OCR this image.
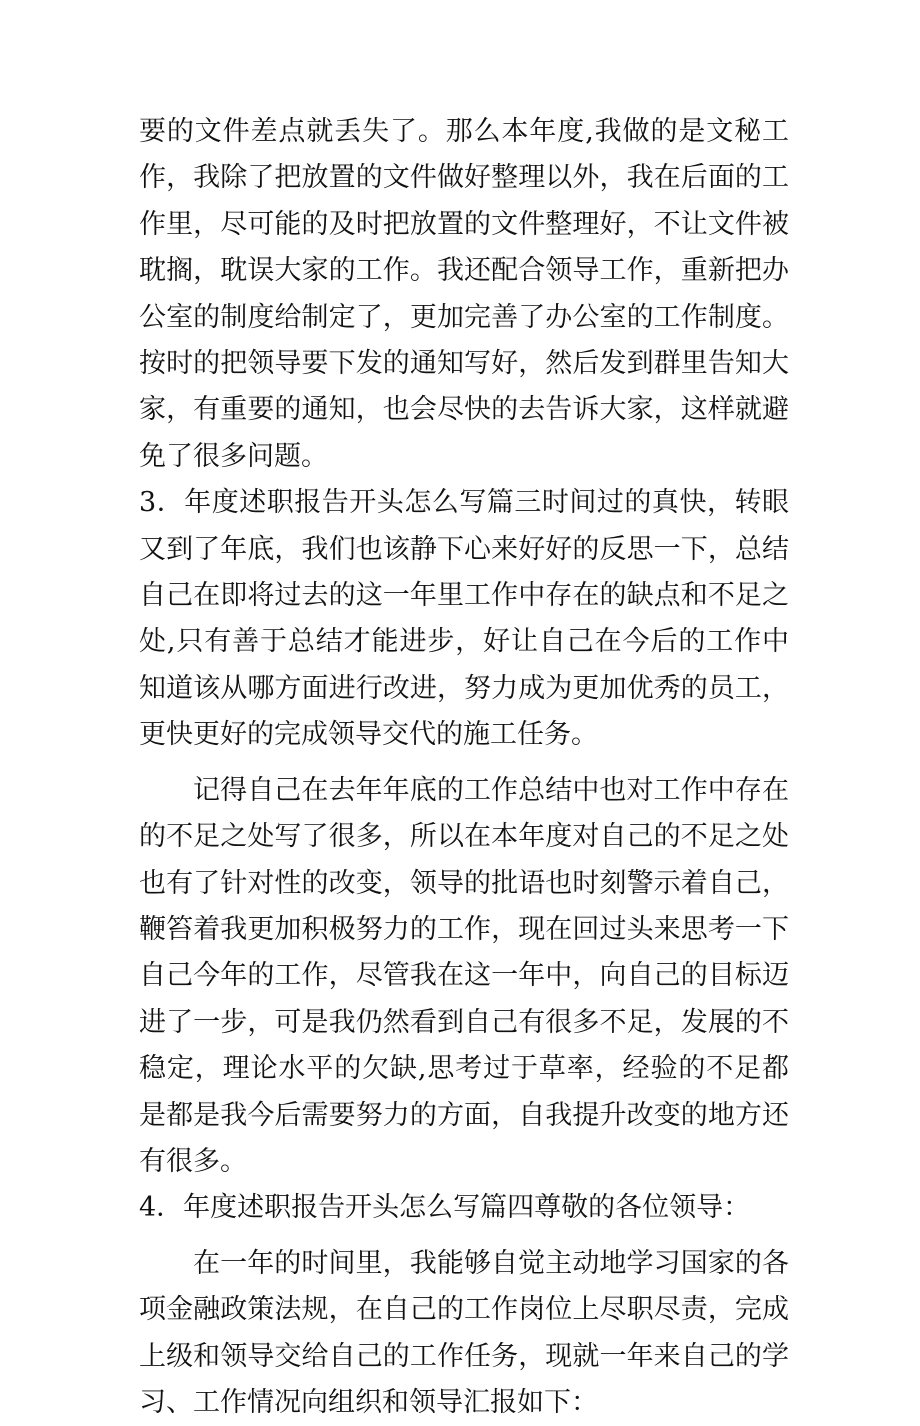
要的文件差点就丢失了。那么本年度,我做的是文秘工作，我除了把放置的文件做好整理以外，我在后面的工作里，尽可能的及时把放置的文件整理好，不让文件被耽搁，耽误大家的工作。我还配合领导工作，重新把办公室的制度给制定了，更加完善了办公室的工作制度。按时的把领导要下发的通知写好，然后发到群里告知大家，有重要的通知，也会尽快的去告诉大家，这样就避免了很多问题。

3．年度述职报告开头怎么写篇三时间过的真快，转眼又到了年底，我们也该静下心来好好的反思一下，总结自己在即将过去的这一年里工作中存在的缺点和不足之处,只有善于总结才能进步，好让自己在今后的工作中知道该从哪方面进行改进，努力成为更加优秀的员工，更快更好的完成领导交代的施工任务。

记得自己在去年年底的工作总结中也对工作中存在的不足之处写了很多，所以在本年度对自己的不足之处也有了针对性的改变，领导的批语也时刻警示着自己，鞭笞着我更加积极努力的工作，现在回过头来思考一下自己今年的工作，尽管我在这一年中，向自己的目标迈进了一步，可是我仍然看到自己有很多不足，发展的不稳定，理论水平的欠缺,思考过于草率，经验的不足都是都是我今后需要努力的方面，自我提升改变的地方还有很多。

4．年度述职报告开头怎么写篇四尊敬的各位领导：

在一年的时间里，我能够自觉主动地学习国家的各项金融政策法规，在自己的工作岗位上尽职尽责，完成上级和领导交给自己的工作任务，现就一年来自己的学习、工作情况向组织和领导汇报如下：
